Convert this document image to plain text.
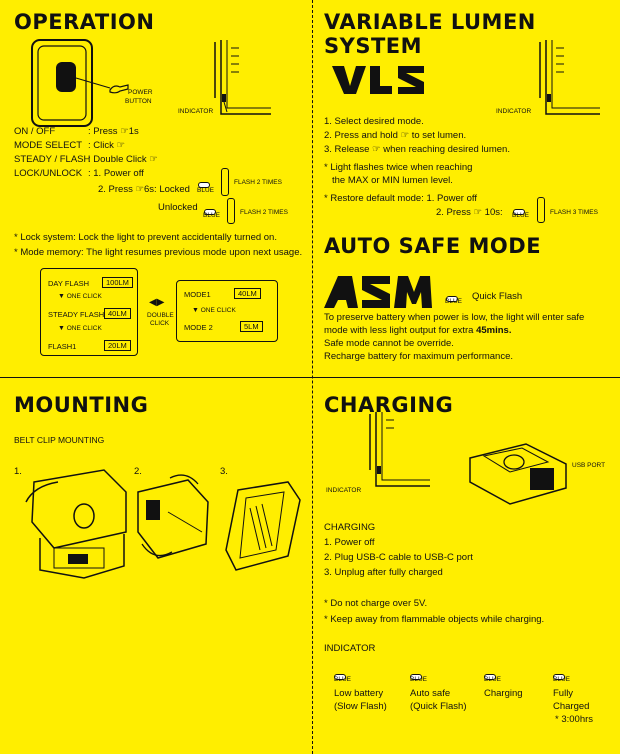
OPERATION
POWER
BUTTON
INDICATOR
ON / OFF	: Press ☞1s
MODE SELECT : Click ☞
STEADY / FLASH
: Double Click ☞
LOCK/UNLOCK : 1. Power off
2. Press ☞6s: Locked BLUE
FLASH 2 TIMES
Unlocked
BLUE	FLASH 2 TIMES
* Lock system: Lock the light to prevent accidentally turned on.
* Mode memory: The light resumes previous mode upon next usage.
DAY FLASH	100LM
▼ ONE CLICK
STEADY FLASH 40LM
▼ ONE CLICK
FLASH1	20LM
◀▶
DOUBLE
CLICK
MODE1	40LM
▼ ONE CLICK
MODE 2	5LM
VARIABLE LUMEN SYSTEM
INDICATOR
1. Select desired mode.
2. Press and hold ☞ to set lumen.
3. Release ☞ when reaching desired lumen.
* Light flashes twice when reaching
the MAX or MIN lumen level.
* Restore default mode: 1. Power off
2. Press ☞ 10s: BLUE	FLASH 3 TIMES
AUTO SAFE MODE
BLUE Quick Flash
To preserve battery when power is low, the light will enter safe
mode with less light output for extra 45mins.
Safe mode cannot be override.
Recharge battery for maximum performance.
MOUNTING
BELT CLIP MOUNTING
1.	2.	3.
CHARGING
INDICATOR
USB PORT
CHARGING
1. Power off
2. Plug USB-C cable to USB-C port
3. Unplug after fully charged
* Do not charge over 5V.
* Keep away from flammable objects while charging.
INDICATOR
BLUE
Low battery
(Slow Flash)
BLUE
Auto safe
(Quick Flash)
BLUE
Charging
BLUE
Fully
Charged
* 3:00hrs
